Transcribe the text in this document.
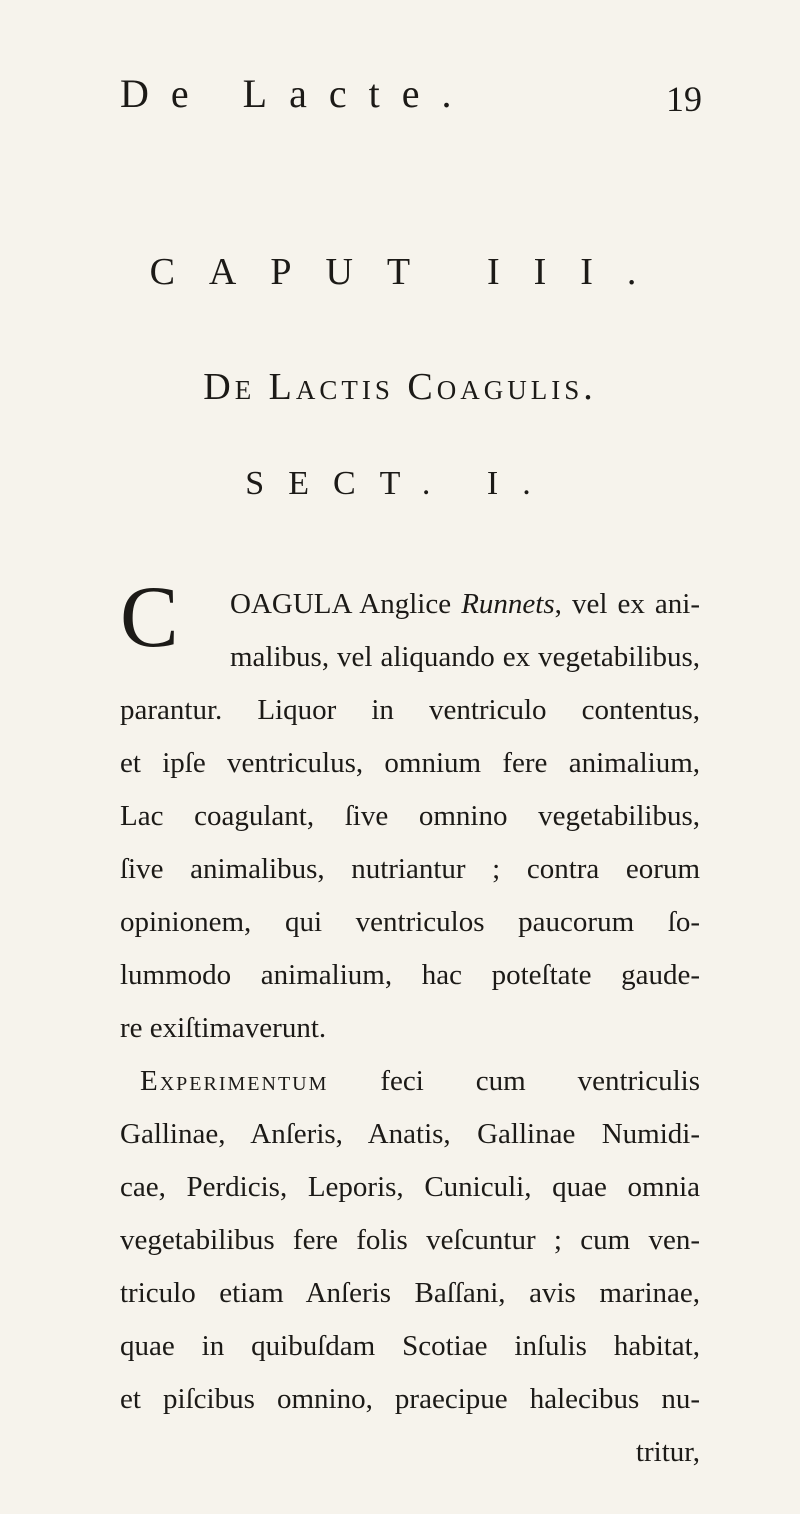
De Lacte.	19
CAPUT III.
De Lactis Coagulis.
SECT. I.
C	OAGULA Anglice Runnets, vel ex ani-
malibus, vel aliquando ex vegetabilibus,
parantur. Liquor in ventriculo contentus,
et ipſe ventriculus, omnium fere animalium,
Lac coagulant, ſive omnino vegetabilibus,
ſive animalibus, nutriantur ; contra eorum
opinionem, qui ventriculos paucorum ſo-
lummodo animalium, hac poteſtate gaude-
re exiſtimaverunt.
Experimentum feci cum ventriculis
Gallinae, Anſeris, Anatis, Gallinae Numidi-
cae, Perdicis, Leporis, Cuniculi, quae omnia
vegetabilibus fere folis veſcuntur ; cum ven-
triculo etiam Anſeris Baſſani, avis marinae,
quae in quibuſdam Scotiae inſulis habitat,
et piſcibus omnino, praecipue halecibus nu-
tritur,
